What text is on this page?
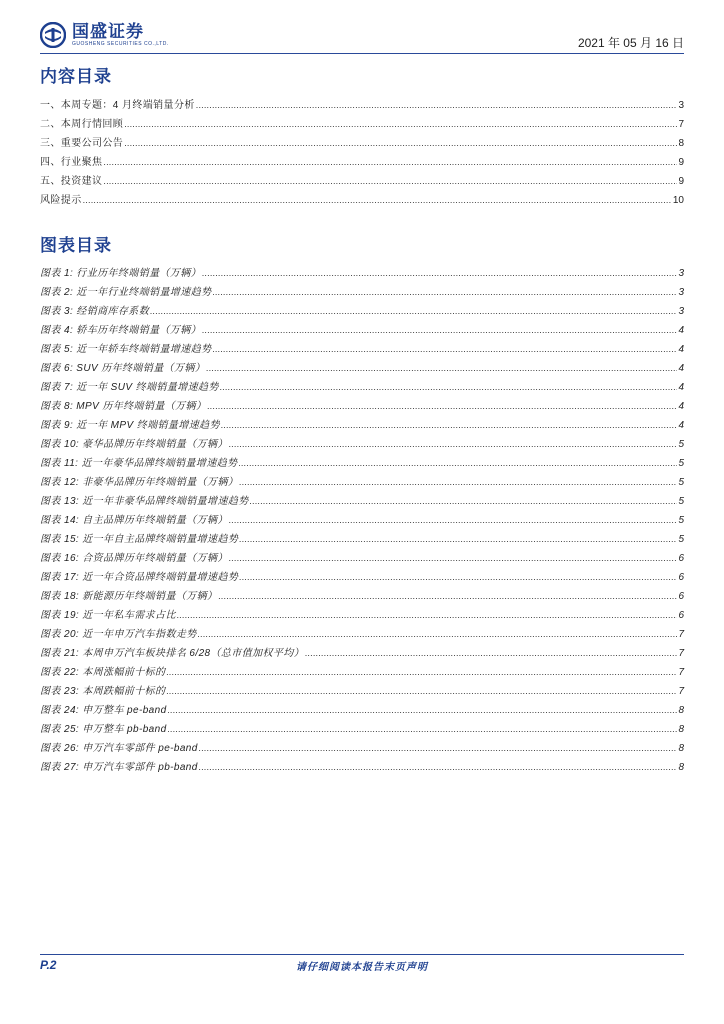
国盛证券
GUOSHENG SECURITIES CO.,LTD.	2021 年 05 月 16 日
内容目录
一、本周专题：4 月终端销量分析 .....	3
二、本周行情回顾 .....	7
三、重要公司公告 .....	8
四、行业聚焦 .....	9
五、投资建议 .....	9
风险提示 .....	10
图表目录
图表 1: 行业历年终端销量（万辆） .....	3
图表 2: 近一年行业终端销量增速趋势 .....	3
图表 3: 经销商库存系数 .....	3
图表 4: 轿车历年终端销量（万辆） .....	4
图表 5: 近一年轿车终端销量增速趋势 .....	4
图表 6: SUV 历年终端销量（万辆） .....	4
图表 7: 近一年 SUV 终端销量增速趋势 .....	4
图表 8: MPV 历年终端销量（万辆） .....	4
图表 9: 近一年 MPV 终端销量增速趋势 .....	4
图表 10: 豪华品牌历年终端销量（万辆） .....	5
图表 11: 近一年豪华品牌终端销量增速趋势 .....	5
图表 12: 非豪华品牌历年终端销量（万辆） .....	5
图表 13: 近一年非豪华品牌终端销量增速趋势 .....	5
图表 14: 自主品牌历年终端销量（万辆） .....	5
图表 15: 近一年自主品牌终端销量增速趋势 .....	5
图表 16: 合资品牌历年终端销量（万辆） .....	6
图表 17: 近一年合资品牌终端销量增速趋势 .....	6
图表 18: 新能源历年终端销量（万辆） .....	6
图表 19: 近一年私车需求占比 .....	6
图表 20: 近一年申万汽车指数走势 .....	7
图表 21: 本周申万汽车板块排名 6/28（总市值加权平均） .....	7
图表 22: 本周涨幅前十标的 .....	7
图表 23: 本周跌幅前十标的 .....	7
图表 24: 申万整车 pe-band .....	8
图表 25: 申万整车 pb-band .....	8
图表 26: 申万汽车零部件 pe-band .....	8
图表 27: 申万汽车零部件 pb-band .....	8
P.2	请仔细阅读本报告末页声明
